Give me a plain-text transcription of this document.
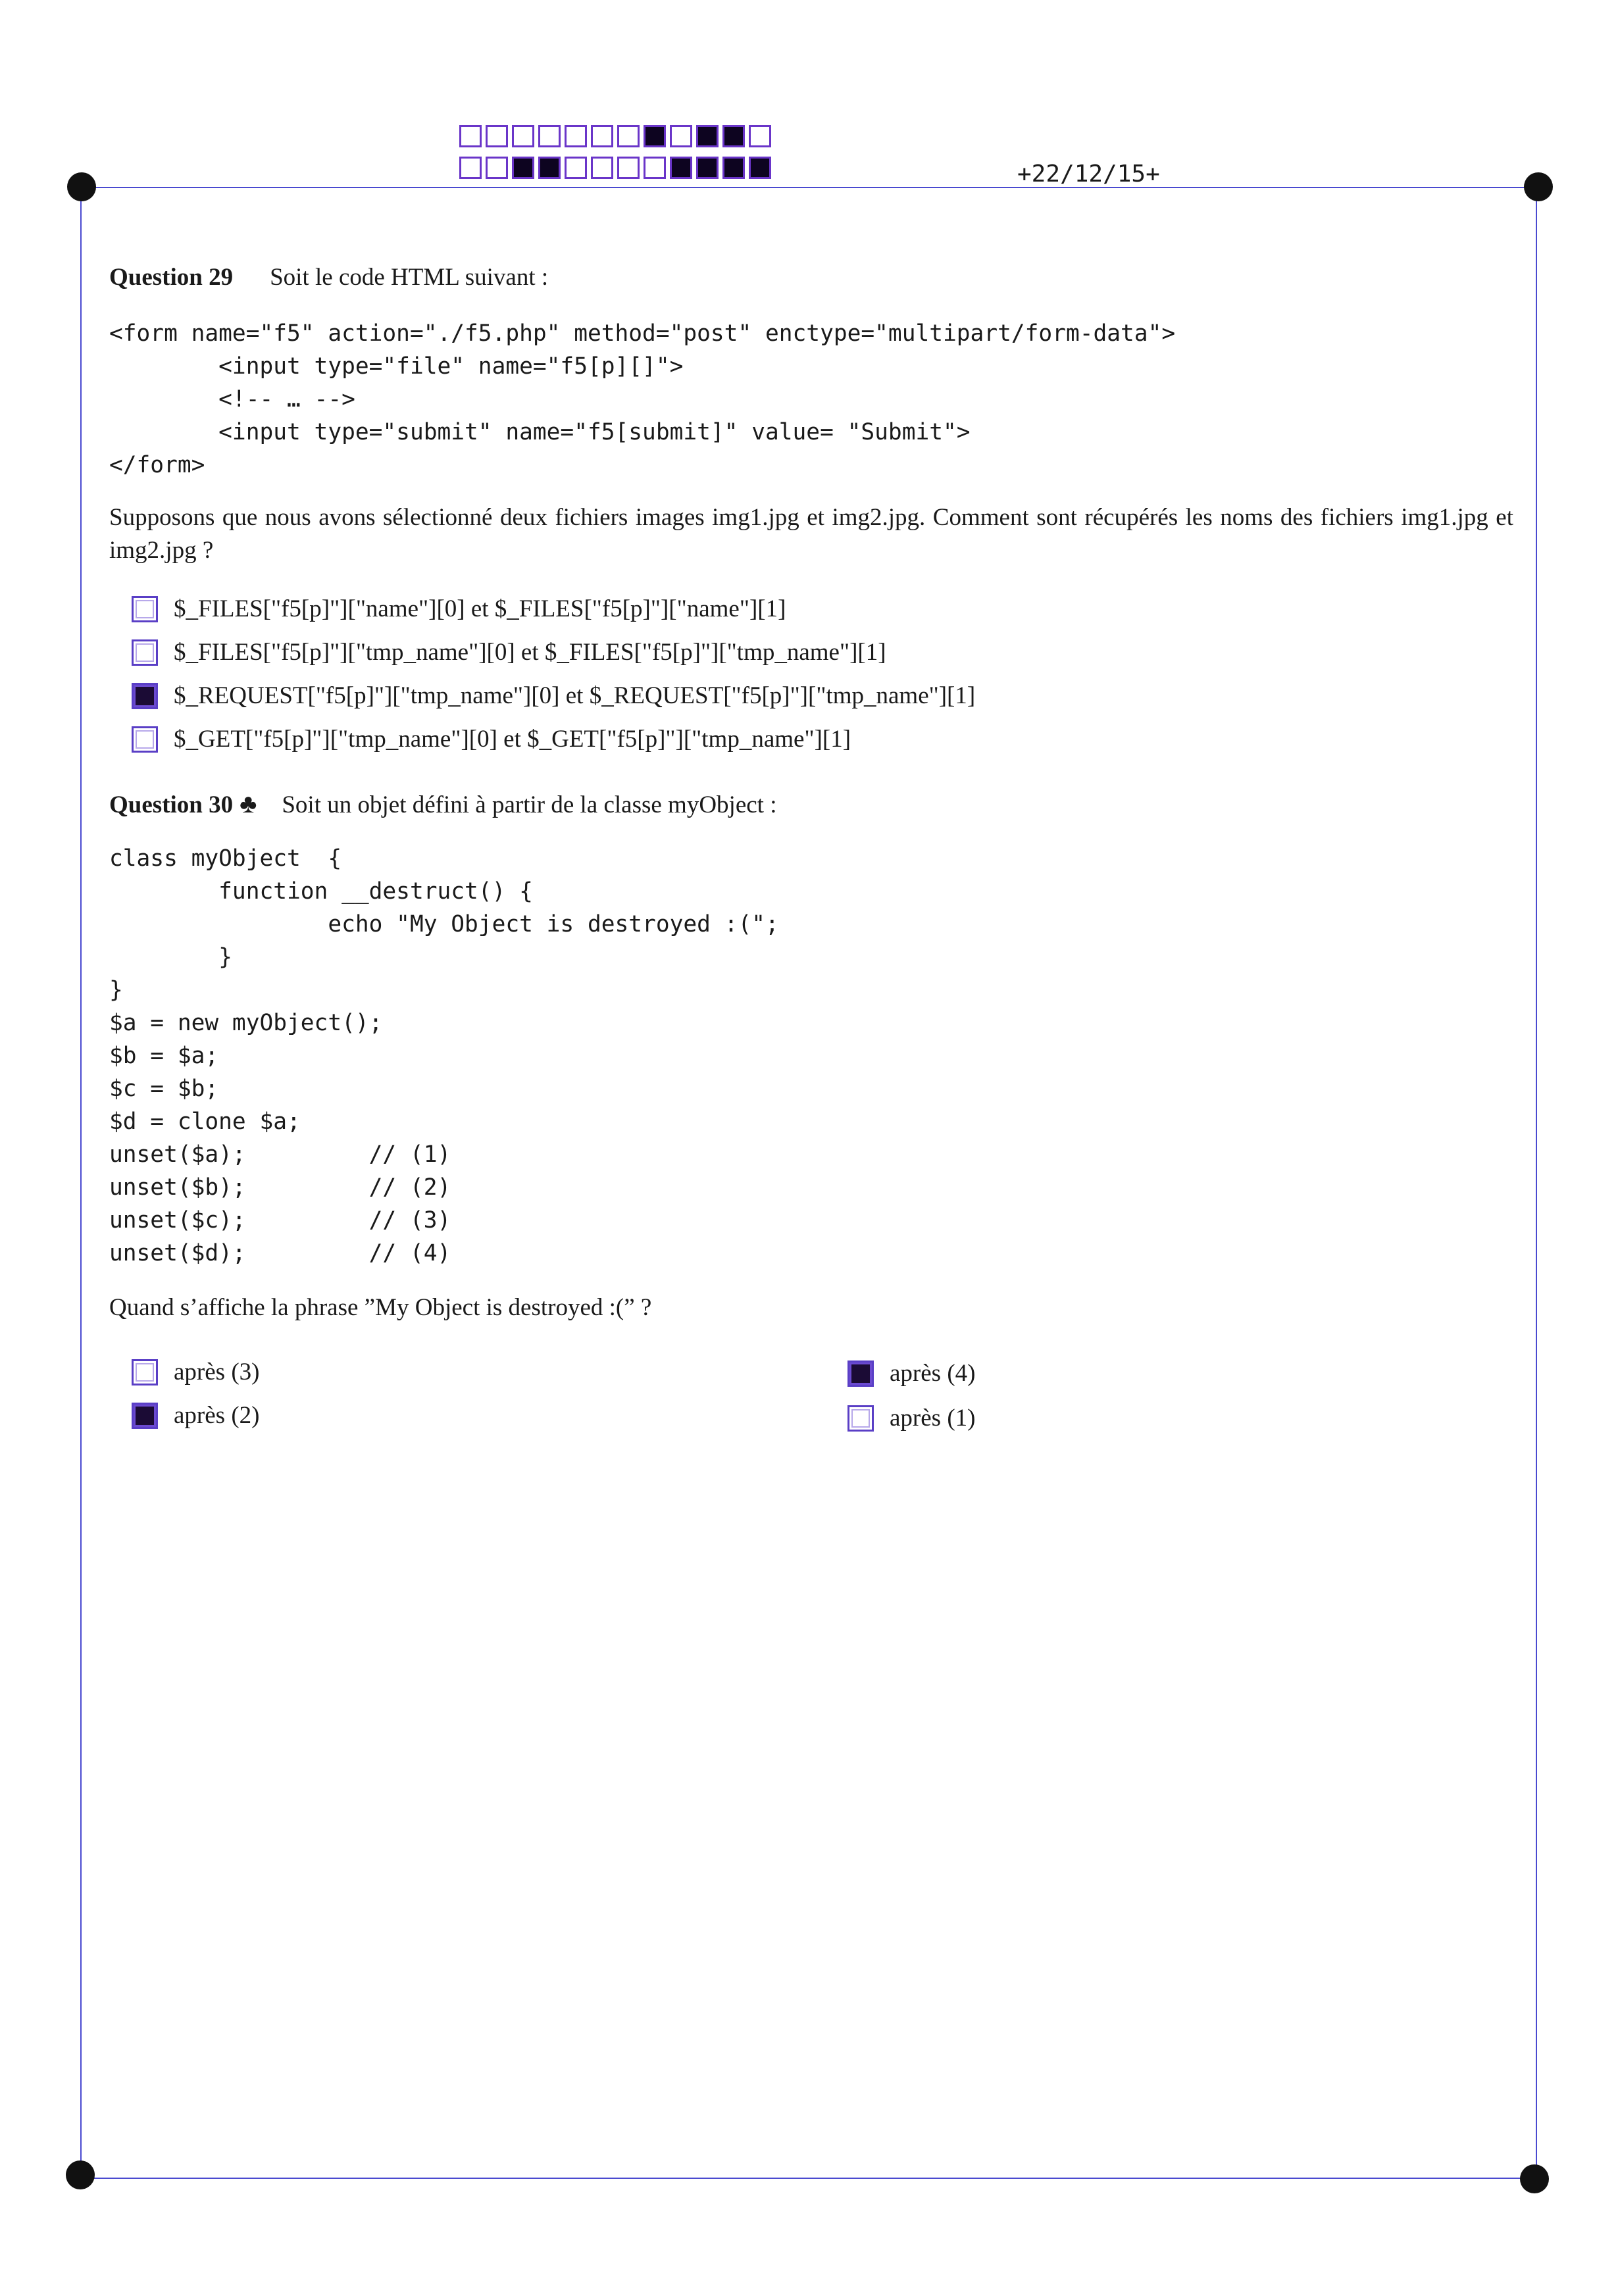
+22/12/15+
Question 29 Soit le code HTML suivant :
<form name="f5" action="./f5.php" method="post" enctype="multipart/form-data">
<input type="file" name="f5[p][]">
<!-- … -->
<input type="submit" name="f5[submit]" value= "Submit">
</form>
Supposons que nous avons sélectionné deux fichiers images img1.jpg et img2.jpg. Comment sont récupérés les noms des fichiers img1.jpg et img2.jpg ?
$_FILES["f5[p]"]["name"][0] et $_FILES["f5[p]"]["name"][1]
$_FILES["f5[p]"]["tmp_name"][0] et $_FILES["f5[p]"]["tmp_name"][1]
$_REQUEST["f5[p]"]["tmp_name"][0] et $_REQUEST["f5[p]"]["tmp_name"][1]
$_GET["f5[p]"]["tmp_name"][0] et $_GET["f5[p]"]["tmp_name"][1]
Question 30 ♣ Soit un objet défini à partir de la classe myObject :
class myObject  {
function __destruct() {
echo "My Object is destroyed :(";
}
}
$a = new myObject();
$b = $a;
$c = $b;
$d = clone $a;
unset($a);         // (1)
unset($b);         // (2)
unset($c);         // (3)
unset($d);         // (4)
Quand s’affiche la phrase ”My Object is destroyed :(” ?
après (3)
après (2)
après (4)
après (1)
